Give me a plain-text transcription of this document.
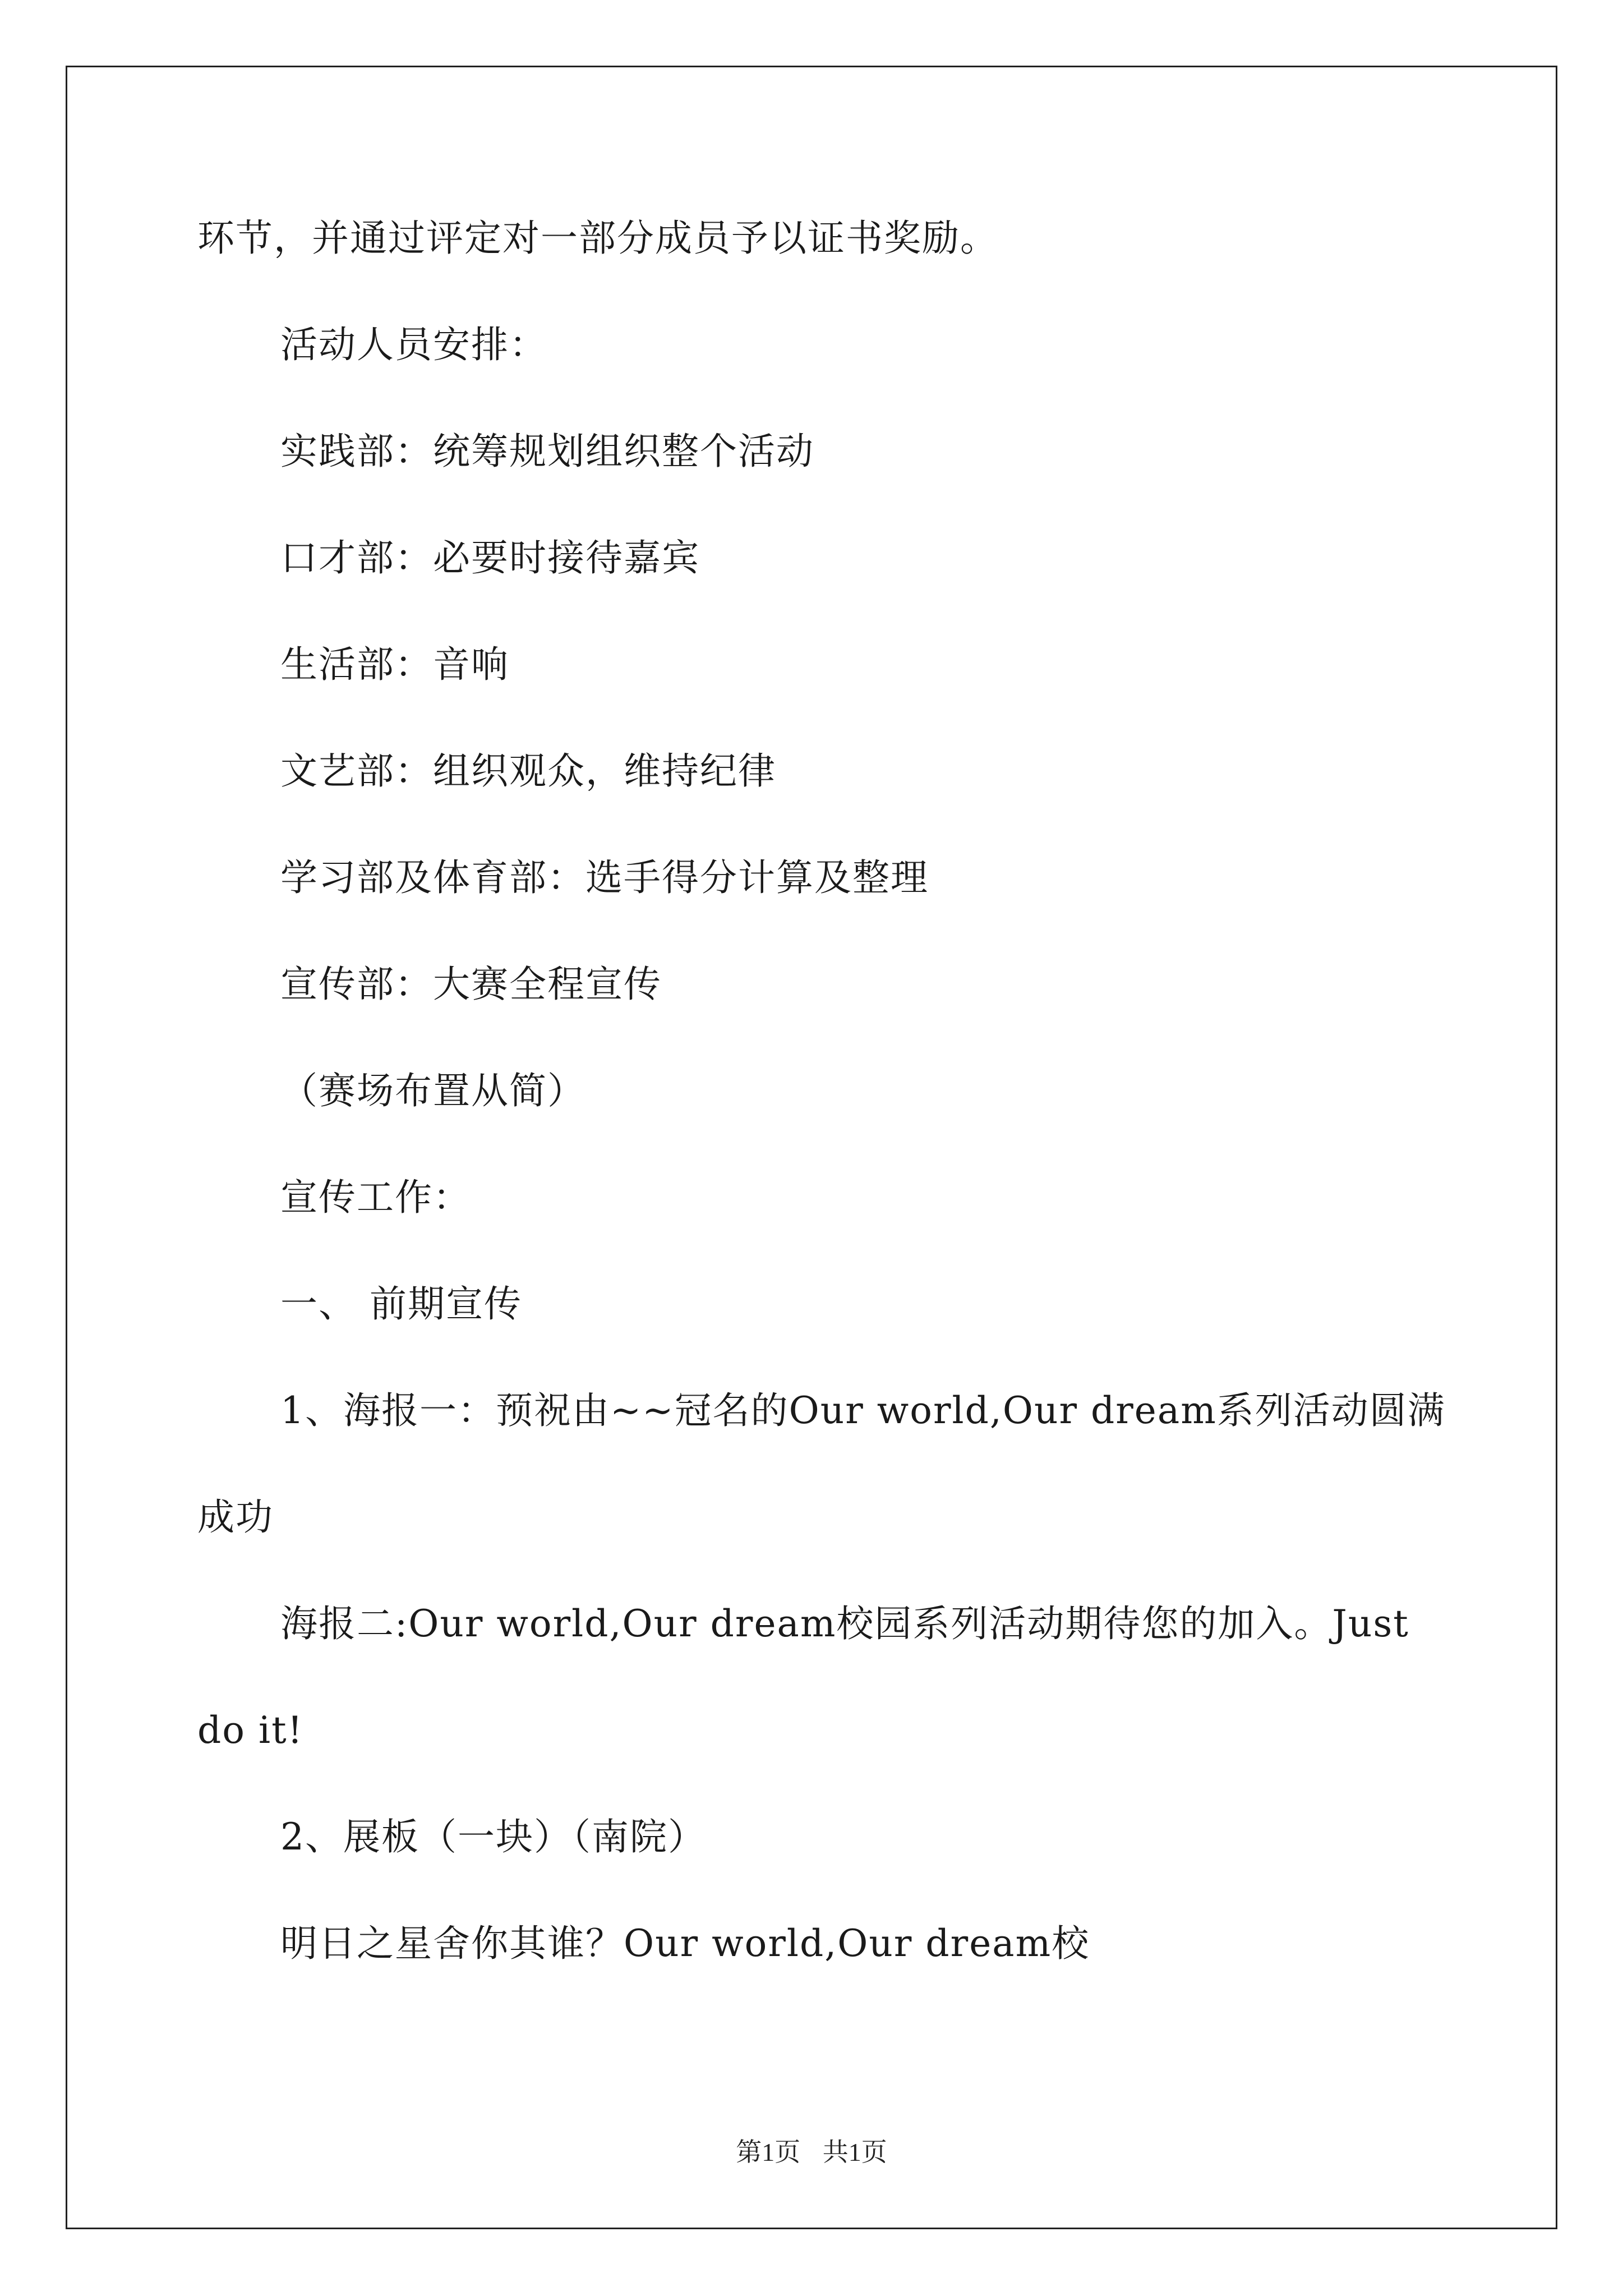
环节，并通过评定对一部分成员予以证书奖励。
活动人员安排：
实践部：统筹规划组织整个活动
口才部：必要时接待嘉宾
生活部：音响
文艺部：组织观众，维持纪律
学习部及体育部：选手得分计算及整理
宣传部：大赛全程宣传
（赛场布置从简）
宣传工作：
一、 前期宣传
1、海报一：预祝由~~冠名的Our world,Our dream系列活动圆满
成功
海报二:Our world,Our dream校园系列活动期待您的加入。Just
do it!
2、展板（一块）（南院）
明日之星舍你其谁？Our world,Our dream校
第1页 共1页
